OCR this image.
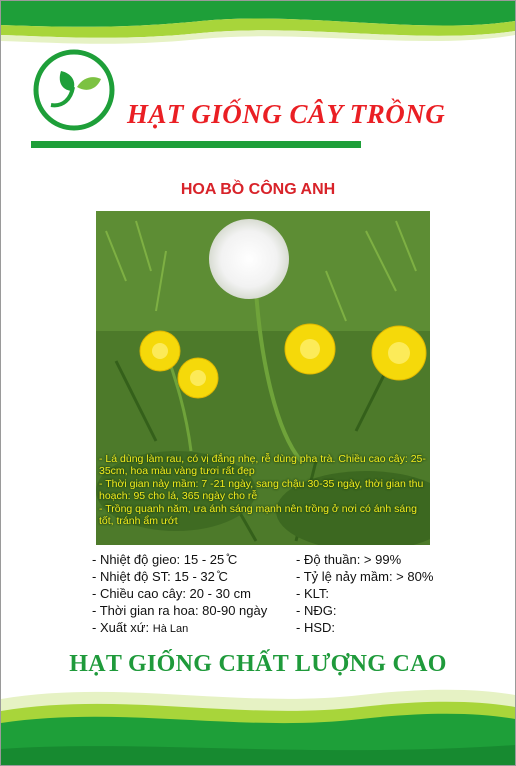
HẠT GIỐNG CÂY TRỒNG
HOA BỒ CÔNG ANH

- Lá dùng làm rau, có vị đắng nhẹ, rễ dùng pha trà. Chiều cao cây: 25-35cm, hoa màu vàng tươi rất đẹp

- Thời gian nảy mầm: 7 -21 ngày, sang chậu 30-35 ngày, thời gian thu hoạch: 95 cho lá, 365 ngày cho rễ

- Trồng quanh năm, ưa ánh sáng mạnh nên trồng ở nơi có ánh sáng tốt, tránh ẩm ướt

- Nhiệt độ gieo: 15 - 25 ̊C
- Nhiệt độ ST: 15 - 32 ̊C
- Chiều cao cây: 20 - 30 cm
- Thời gian ra hoa: 80-90 ngày
- Xuất xứ: Hà Lan
- Độ thuần: > 99%
- Tỷ lệ nảy mầm: > 80%
- KLT:
- NĐG:
- HSD:
HẠT GIỐNG CHẤT LƯỢNG CAO
